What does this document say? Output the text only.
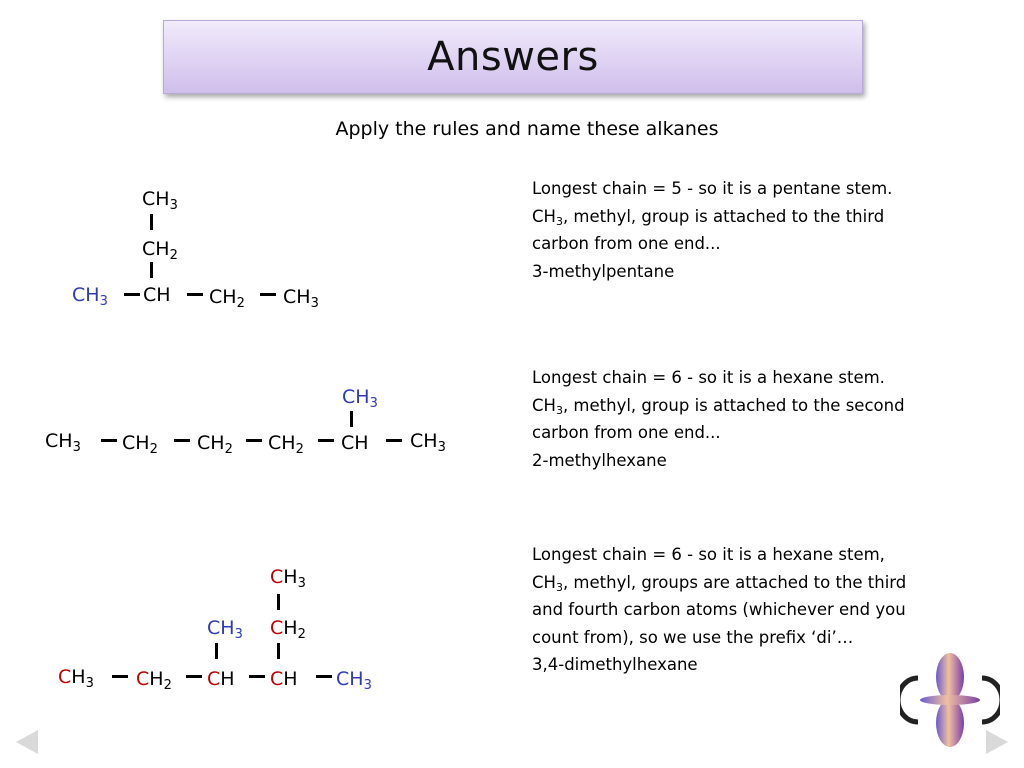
Answers
Apply the rules and name these alkanes
$CH_3$
$CH_2$
$CH_3$ CH $CH_2$ $CH_3$
$CH_3$
$CH_3$ $CH_2$ $CH_2$ $CH_2$ CH $CH_3$
$CH_3$
$CH_3$ $CH_2$
$CH_3$ $CH_2$ CH CH $CH_3$
Longest chain = 5 - so it is a pentane stem.
$CH_3$, methyl, group is attached to the third
carbon from one end...
3-methylpentane
Longest chain = 6 - so it is a hexane stem.
$CH_3$, methyl, group is attached to the second
carbon from one end...
2-methylhexane
Longest chain = 6 - so it is a hexane stem,
$CH_3$, methyl, groups are attached to the third
and fourth carbon atoms (whichever end you
count from), so we use the prefix ‘di’…
3,4-dimethylhexane
